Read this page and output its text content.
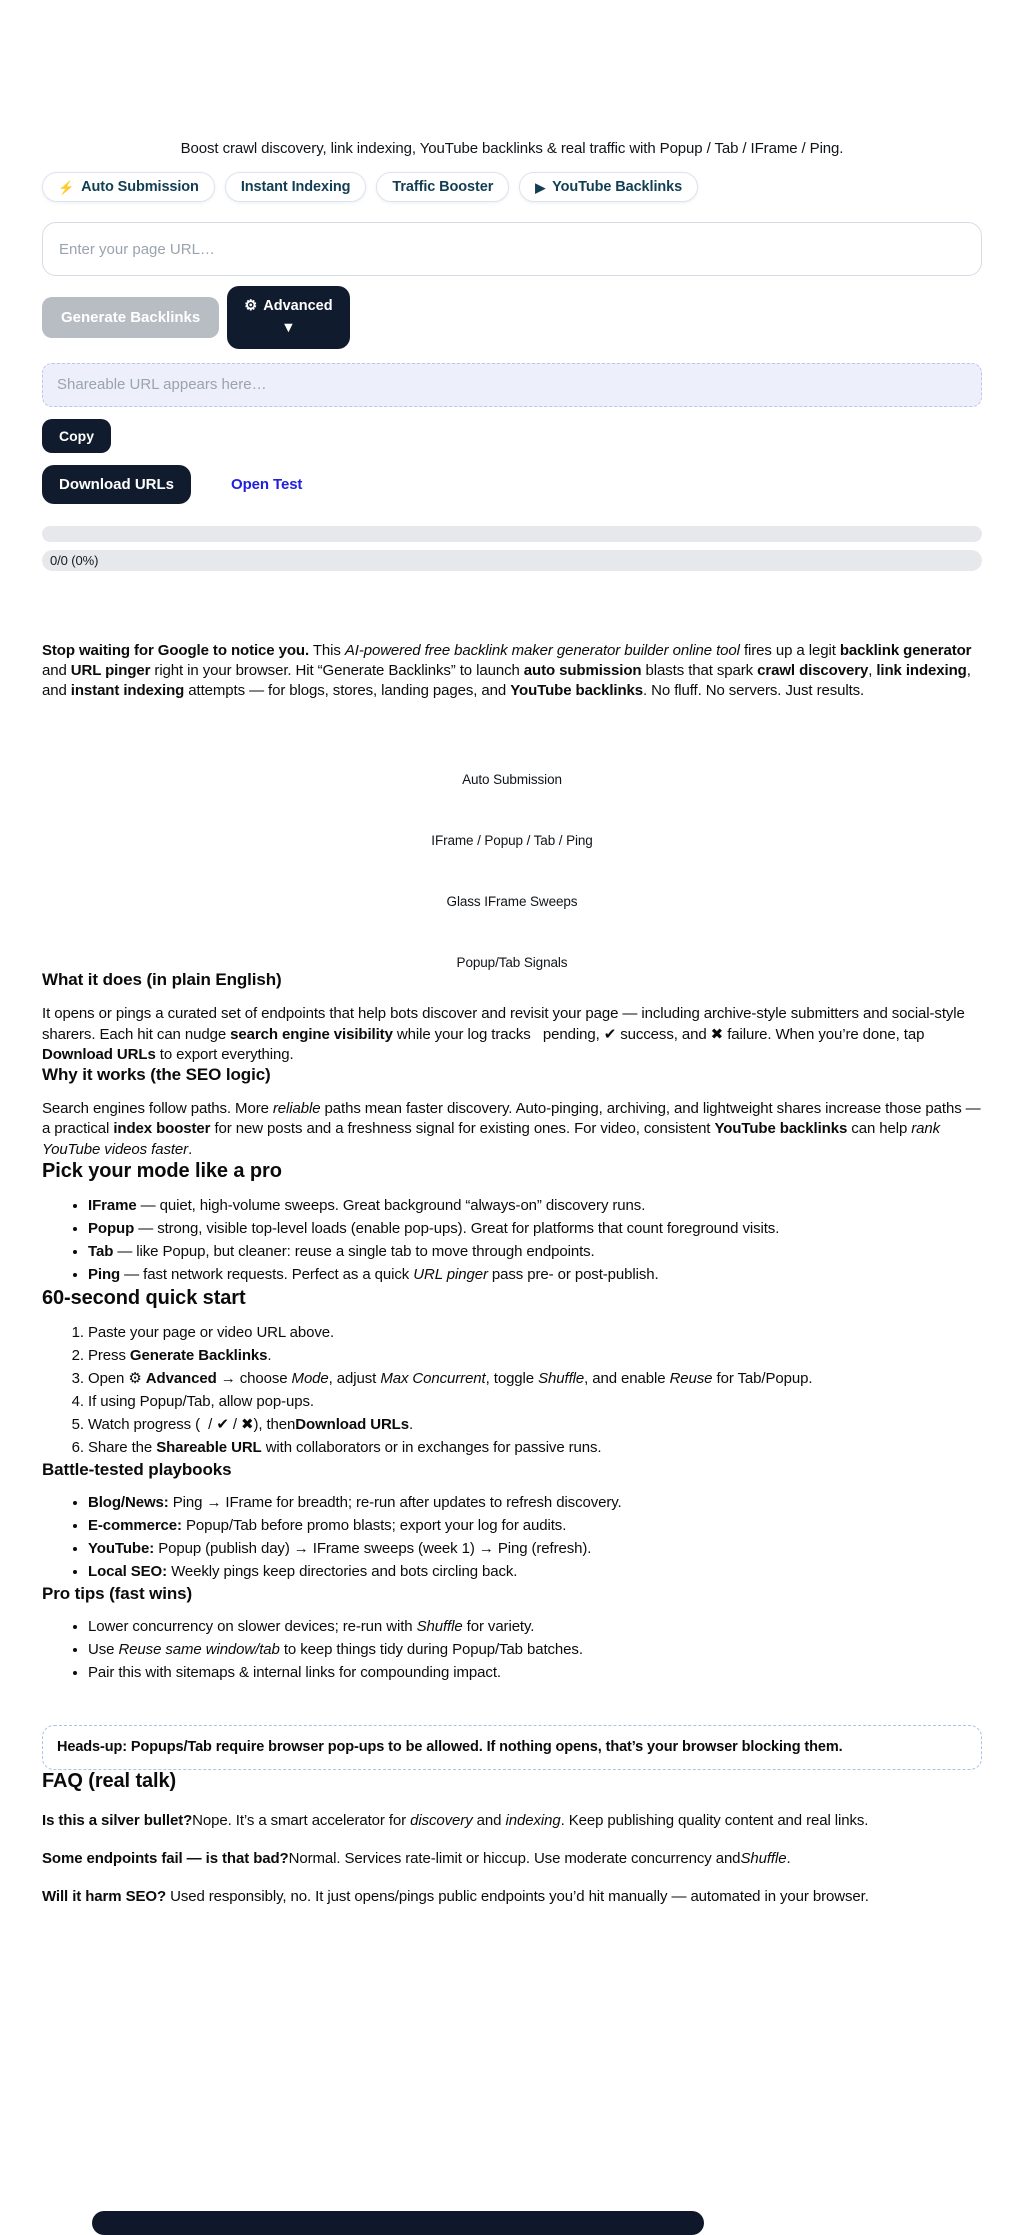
Boost crawl discovery, link indexing, YouTube backlinks & real traffic with Popup / Tab / IFrame / Ping.

⚡ Auto Submission	Instant Indexing	Traffic Booster	▶ YouTube Backlinks
Enter your page URL…
Generate Backlinks
⚙ Advanced
▼
Shareable URL appears here…
Copy
Download URLs	Open Test
0/0 (0%)

Stop waiting for Google to notice you. This AI-powered free backlink maker generator builder online tool fires up a legit backlink generator and URL pinger right in your browser. Hit “Generate Backlinks” to launch auto submission blasts that spark crawl discovery, link indexing, and instant indexing attempts — for blogs, stores, landing pages, and YouTube backlinks. No fluff. No servers. Just results.

Auto Submission

IFrame / Popup / Tab / Ping

Glass IFrame Sweeps

Popup/Tab Signals

What it does (in plain English)

It opens or pings a curated set of endpoints that help bots discover and revisit your page — including archive-style submitters and social-style sharers. Each hit can nudge search engine visibility while your log tracks   pending, ✔ success, and ✖ failure. When you’re done, tap Download URLs to export everything.

Why it works (the SEO logic)

Search engines follow paths. More reliable paths mean faster discovery. Auto-pinging, archiving, and lightweight shares increase those paths — a practical index booster for new posts and a freshness signal for existing ones. For video, consistent YouTube backlinks can help rank YouTube videos faster.

Pick your mode like a pro
• IFrame — quiet, high-volume sweeps. Great background “always-on” discovery runs.
• Popup — strong, visible top-level loads (enable pop-ups). Great for platforms that count foreground visits.
• Tab — like Popup, but cleaner: reuse a single tab to move through endpoints.
• Ping — fast network requests. Perfect as a quick URL pinger pass pre- or post-publish.
60-second quick start
1. Paste your page or video URL above.
2. Press Generate Backlinks.
3. Open ⚙ Advanced → choose Mode, adjust Max Concurrent, toggle Shuffle, and enable Reuse for Tab/Popup.
4. If using Popup/Tab, allow pop-ups.
5. Watch progress (  / ✔ / ✖), thenDownload URLs.
6. Share the Shareable URL with collaborators or in exchanges for passive runs.
Battle-tested playbooks
• Blog/News: Ping → IFrame for breadth; re-run after updates to refresh discovery.
• E-commerce: Popup/Tab before promo blasts; export your log for audits.
• YouTube: Popup (publish day) → IFrame sweeps (week 1) → Ping (refresh).
• Local SEO: Weekly pings keep directories and bots circling back.
Pro tips (fast wins)
• Lower concurrency on slower devices; re-run with Shuffle for variety.
• Use Reuse same window/tab to keep things tidy during Popup/Tab batches.
• Pair this with sitemaps & internal links for compounding impact.
Heads-up: Popups/Tab require browser pop-ups to be allowed. If nothing opens, that’s your browser blocking them.
FAQ (real talk)

Is this a silver bullet?Nope. It’s a smart accelerator for discovery and indexing. Keep publishing quality content and real links.

Some endpoints fail — is that bad?Normal. Services rate-limit or hiccup. Use moderate concurrency andShuffle.

Will it harm SEO? Used responsibly, no. It just opens/pings public endpoints you’d hit manually — automated in your browser.
